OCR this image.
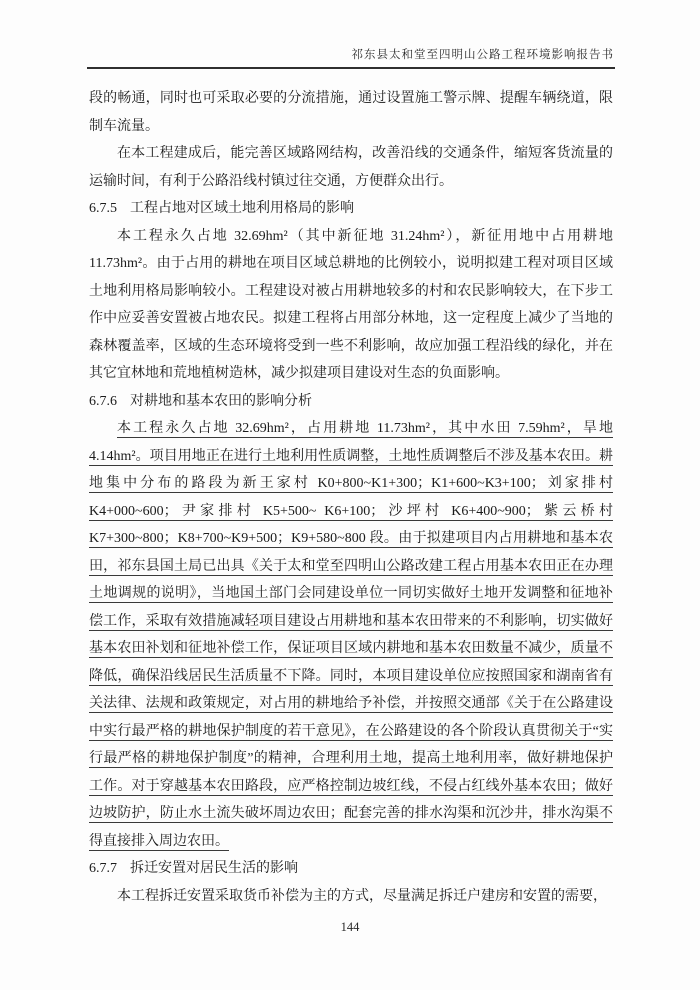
祁东县太和堂至四明山公路工程环境影响报告书

段的畅通，同时也可采取必要的分流措施，通过设置施工警示牌、提醒车辆绕道，限制车流量。

在本工程建成后，能完善区域路网结构，改善沿线的交通条件，缩短客货流量的运输时间，有利于公路沿线村镇过往交通，方便群众出行。

6.7.5 工程占地对区域土地利用格局的影响

本工程永久占地 32.69hm²（其中新征地 31.24hm²），新征用地中占用耕地11.73hm²。由于占用的耕地在项目区域总耕地的比例较小，说明拟建工程对项目区域土地利用格局影响较小。工程建设对被占用耕地较多的村和农民影响较大，在下步工作中应妥善安置被占地农民。拟建工程将占用部分林地，这一定程度上减少了当地的森林覆盖率，区域的生态环境将受到一些不利影响，故应加强工程沿线的绿化，并在其它宜林地和荒地植树造林，减少拟建项目建设对生态的负面影响。

6.7.6 对耕地和基本农田的影响分析

本工程永久占地 32.69hm²，占用耕地 11.73hm²，其中水田 7.59hm²，旱地4.14hm²。项目用地正在进行土地利用性质调整，土地性质调整后不涉及基本农田。耕地集中分布的路段为新王家村 K0+800~K1+300；K1+600~K3+100；刘家排村K4+000~600；尹家排村 K5+500~ K6+100；沙坪村 K6+400~900；紫云桥村K7+300~800；K8+700~K9+500；K9+580~800 段。由于拟建项目内占用耕地和基本农田，祁东县国土局已出具《关于太和堂至四明山公路改建工程占用基本农田正在办理土地调规的说明》，当地国土部门会同建设单位一同切实做好土地开发调整和征地补偿工作，采取有效措施减轻项目建设占用耕地和基本农田带来的不利影响，切实做好基本农田补划和征地补偿工作，保证项目区域内耕地和基本农田数量不减少，质量不降低，确保沿线居民生活质量不下降。同时，本项目建设单位应按照国家和湖南省有关法律、法规和政策规定，对占用的耕地给予补偿，并按照交通部《关于在公路建设中实行最严格的耕地保护制度的若干意见》，在公路建设的各个阶段认真贯彻关于“实行最严格的耕地保护制度”的精神，合理利用土地，提高土地利用率，做好耕地保护工作。对于穿越基本农田路段，应严格控制边坡红线，不侵占红线外基本农田；做好边坡防护，防止水土流失破坏周边农田；配套完善的排水沟渠和沉沙井，排水沟渠不得直接排入周边农田。

6.7.7 拆迁安置对居民生活的影响

本工程拆迁安置采取货币补偿为主的方式，尽量满足拆迁户建房和安置的需要，

144
